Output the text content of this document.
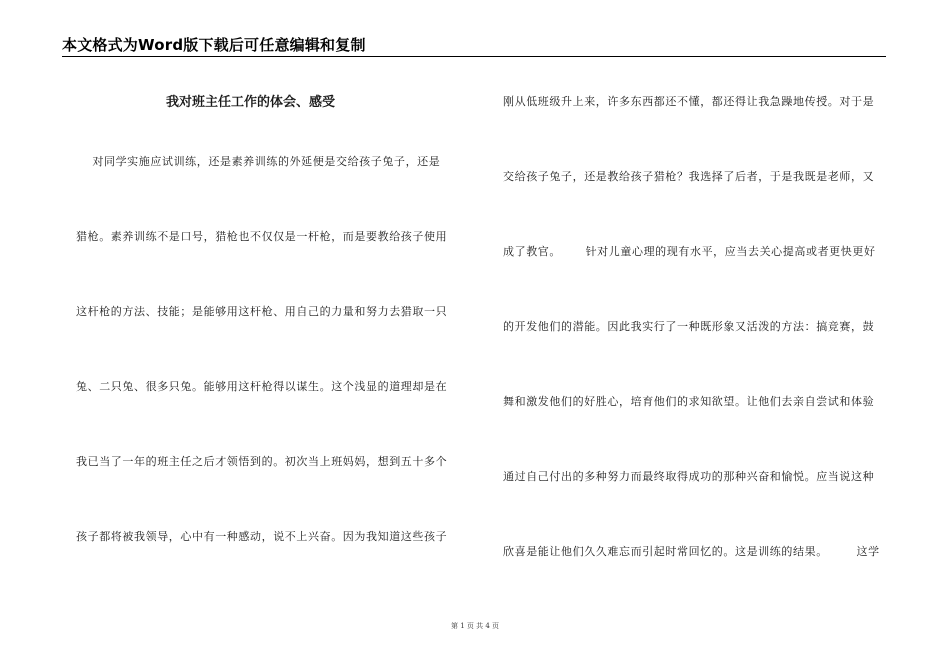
本文格式为Word版下载后可任意编辑和复制
我对班主任工作的体会、感受
对同学实施应试训练，还是素养训练的外延便是交给孩子兔子，还是
猎枪。素养训练不是口号，猎枪也不仅仅是一杆枪，而是要教给孩子使用
这杆枪的方法、技能；是能够用这杆枪、用自己的力量和努力去猎取一只
兔、二只兔、很多只兔。能够用这杆枪得以谋生。这个浅显的道理却是在
我已当了一年的班主任之后才领悟到的。初次当上班妈妈，想到五十多个
孩子都将被我领导，心中有一种感动，说不上兴奋。因为我知道这些孩子
刚从低班级升上来，许多东西都还不懂，都还得让我急躁地传授。对于是
交给孩子兔子，还是教给孩子猎枪？我选择了后者，于是我既是老师，又
成了教官。      针对儿童心理的现有水平，应当去关心提高或者更快更好
的开发他们的潜能。因此我实行了一种既形象又活泼的方法：搞竞赛，鼓
舞和激发他们的好胜心，培育他们的求知欲望。让他们去亲自尝试和体验
通过自己付出的多种努力而最终取得成功的那种兴奋和愉悦。应当说这种
欣喜是能让他们久久难忘而引起时常回忆的。这是训练的结果。       这学
第 1 页 共 4 页
